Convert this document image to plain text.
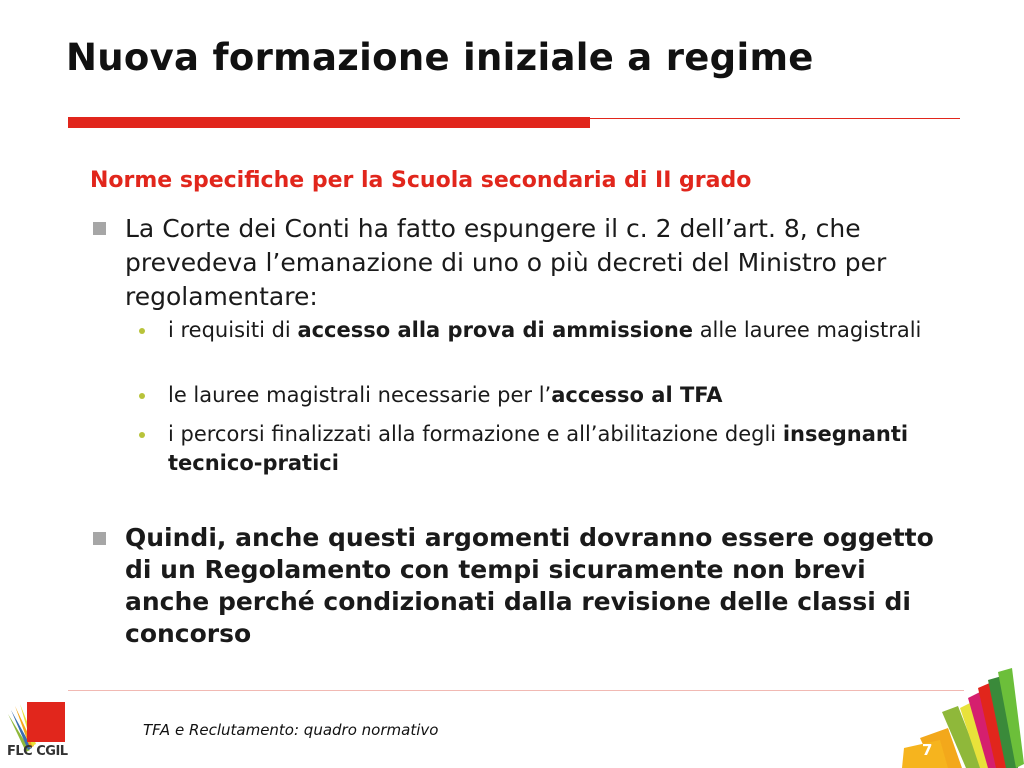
Nuova formazione iniziale a regime
Norme specifiche per la Scuola secondaria di II grado
La Corte dei Conti ha fatto espungere il c. 2 dell’art. 8, che prevedeva l’emanazione di uno o più decreti del Ministro per regolamentare:
i requisiti di accesso alla prova di ammissione alle lauree magistrali
le lauree magistrali necessarie per l’accesso al TFA
i percorsi finalizzati alla formazione e all’abilitazione degli insegnanti tecnico-pratici
Quindi, anche questi argomenti dovranno essere oggetto di un Regolamento con tempi sicuramente non brevi anche perché condizionati dalla revisione delle classi di concorso
TFA e Reclutamento: quadro normativo
FLC CGIL	7
